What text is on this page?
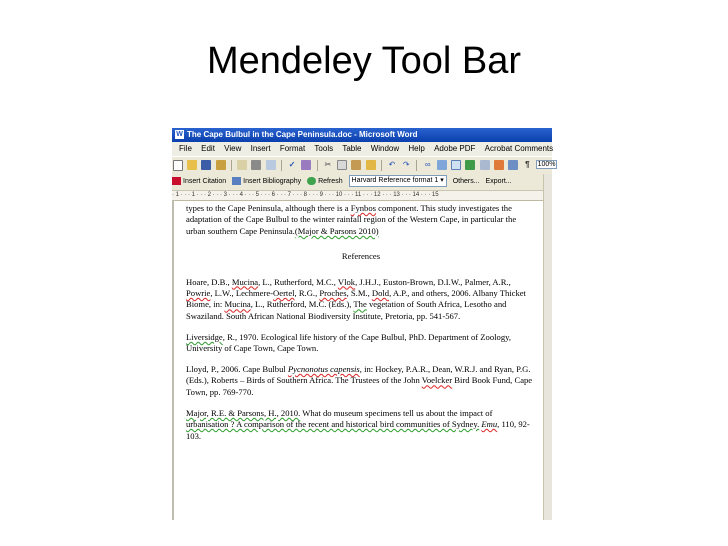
Mendeley Tool Bar
W The Cape Bulbul in the Cape Peninsula.doc - Microsoft Word
File Edit View Insert Format Tools Table Window Help Adobe PDF Acrobat Comments
✓	✂	↶ ↷ ∞	¶ 100%
Insert Citation Insert Bibliography Refresh Harvard Reference format 1 ▾ Others... Export...
· 1 · · · 1 · · · 2 · · · 3 · · · 4 · · · 5 · · · 6 · · · 7 · · · 8 · · · 9 · · · 10 · · · 11 · · · 12 · · · 13 · · · 14 · · · 15

types to the Cape Peninsula, although there is a Fynbos component. This study investigates the adaptation of the Cape Bulbul to the winter rainfall region of the Western Cape, in particular the urban southern Cape Peninsula.(Major & Parsons 2010)

References

Hoare, D.B., Mucina, L., Rutherford, M.C., Vlok, J.H.J., Euston-Brown, D.I.W., Palmer, A.R., Powrie, L.W., Lechmere-Oertel, R.G., Proches, S.M., Dold, A.P., and others, 2006. Albany Thicket Biome, in: Mucina, L., Rutherford, M.C. (Eds.), The vegetation of South Africa, Lesotho and Swaziland. South African National Biodiversity Institute, Pretoria, pp. 541-567.

Liversidge, R., 1970. Ecological life history of the Cape Bulbul, PhD. Department of Zoology, University of Cape Town, Cape Town.

Lloyd, P., 2006. Cape Bulbul Pycnonotus capensis, in: Hockey, P.A.R., Dean, W.R.J. and Ryan, P.G. (Eds.), Roberts – Birds of Southern Africa. The Trustees of the John Voelcker Bird Book Fund, Cape Town, pp. 769-770.

Major, R.E. & Parsons, H., 2010. What do museum specimens tell us about the impact of urbanisation ? A comparison of the recent and historical bird communities of Sydney. Emu, 110, 92-103.
